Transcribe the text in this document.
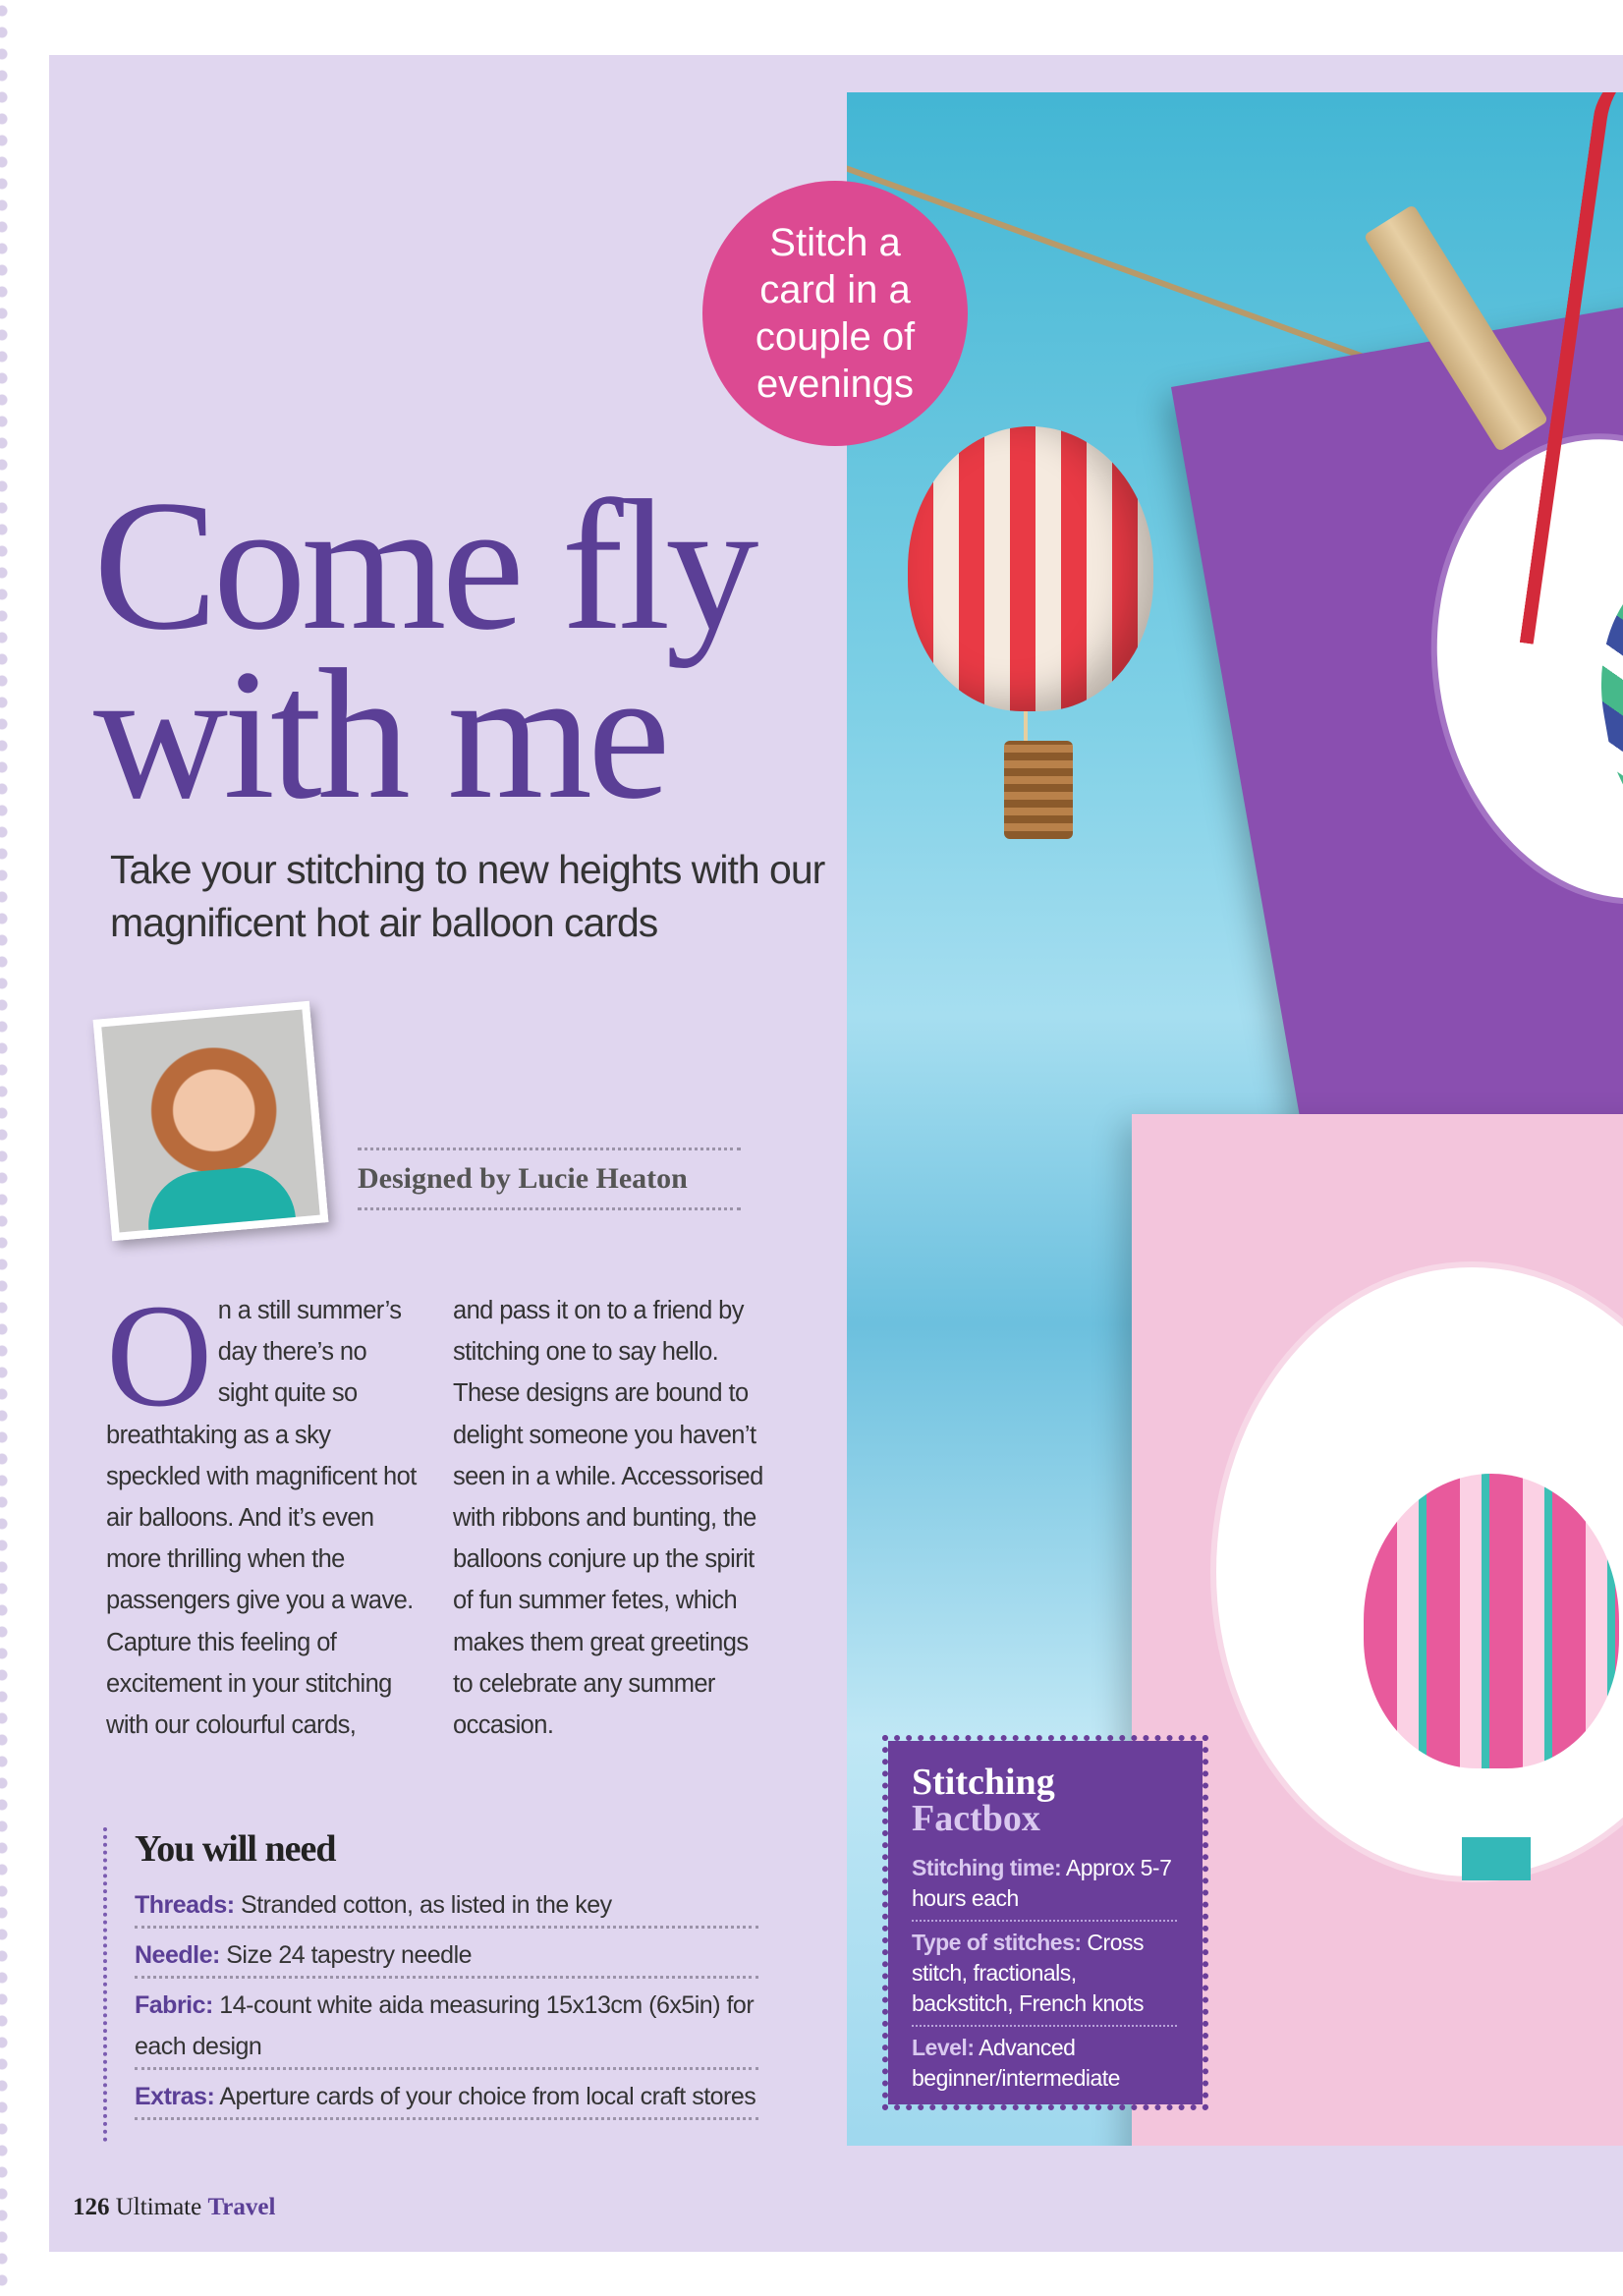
Stitch a card in a couple of evenings
Come fly
with me

Take your stitching to new heights with our magnificent hot air balloon cards

Designed by Lucie Heaton

On a still summer’s day there’s no sight quite so breathtaking as a sky speckled with magnificent hot air balloons. And it’s even more thrilling when the passengers give you a wave. Capture this feeling of excitement in your stitching with our colourful cards,

and pass it on to a friend by stitching one to say hello. These designs are bound to delight someone you haven’t seen in a while. Accessorised with ribbons and bunting, the balloons conjure up the spirit of fun summer fetes, which makes them great greetings to celebrate any summer occasion.

You will need
Threads: Stranded cotton, as listed in the key
Needle: Size 24 tapestry needle
Fabric: 14-count white aida measuring 15x13cm (6x5in) for each design
Extras: Aperture cards of your choice from local craft stores
Stitching
Factbox
Stitching time: Approx 5-7 hours each
Type of stitches: Cross stitch, fractionals, backstitch, French knots
Level: Advanced beginner/intermediate
126 Ultimate Travel
